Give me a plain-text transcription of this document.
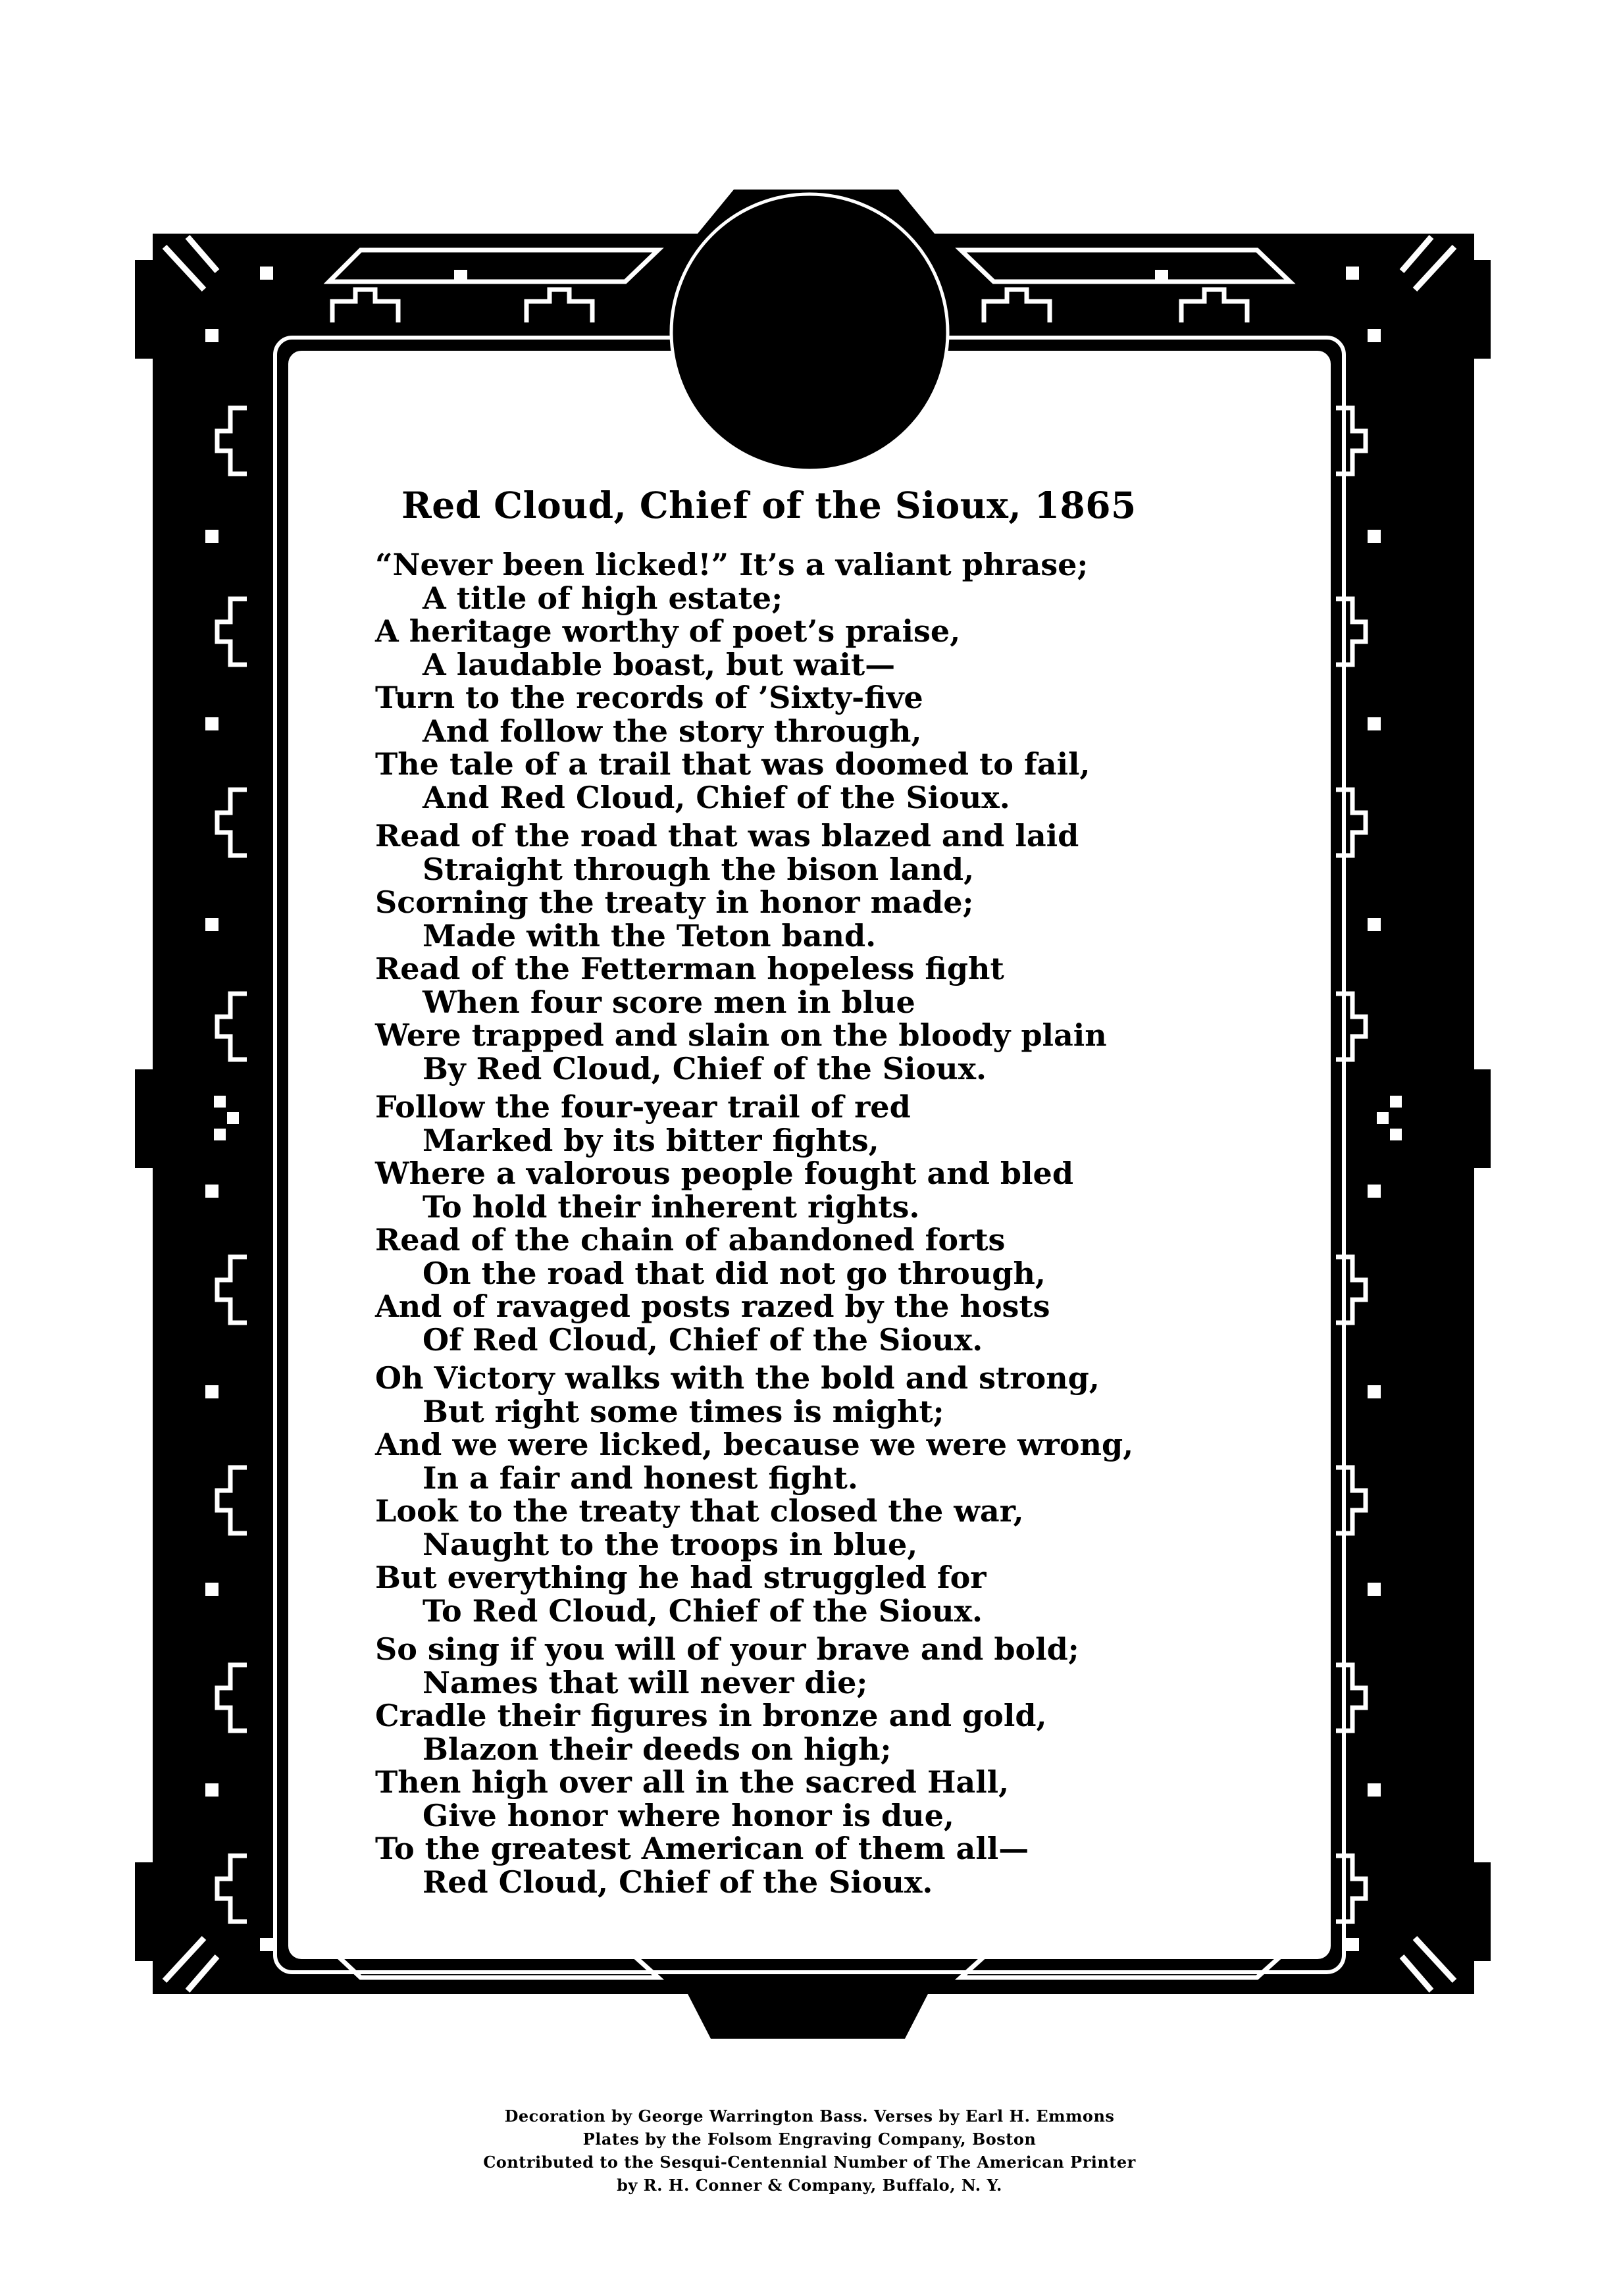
Red Cloud, Chief of the Sioux, 1865
“Never been licked!” It’s a valiant phrase;
A title of high estate;
A heritage worthy of poet’s praise,
A laudable boast, but wait—
Turn to the records of ’Sixty-five
And follow the story through,
The tale of a trail that was doomed to fail,
And Red Cloud, Chief of the Sioux.
Read of the road that was blazed and laid
Straight through the bison land,
Scorning the treaty in honor made;
Made with the Teton band.
Read of the Fetterman hopeless fight
When four score men in blue
Were trapped and slain on the bloody plain
By Red Cloud, Chief of the Sioux.
Follow the four-year trail of red
Marked by its bitter fights,
Where a valorous people fought and bled
To hold their inherent rights.
Read of the chain of abandoned forts
On the road that did not go through,
And of ravaged posts razed by the hosts
Of Red Cloud, Chief of the Sioux.
Oh Victory walks with the bold and strong,
But right some times is might;
And we were licked, because we were wrong,
In a fair and honest fight.
Look to the treaty that closed the war,
Naught to the troops in blue,
But everything he had struggled for
To Red Cloud, Chief of the Sioux.
So sing if you will of your brave and bold;
Names that will never die;
Cradle their figures in bronze and gold,
Blazon their deeds on high;
Then high over all in the sacred Hall,
Give honor where honor is due,
To the greatest American of them all—
Red Cloud, Chief of the Sioux.
Decoration by George Warrington Bass. Verses by Earl H. Emmons
Plates by the Folsom Engraving Company, Boston
Contributed to the Sesqui-Centennial Number of The American Printer
by R. H. Conner & Company, Buffalo, N. Y.
